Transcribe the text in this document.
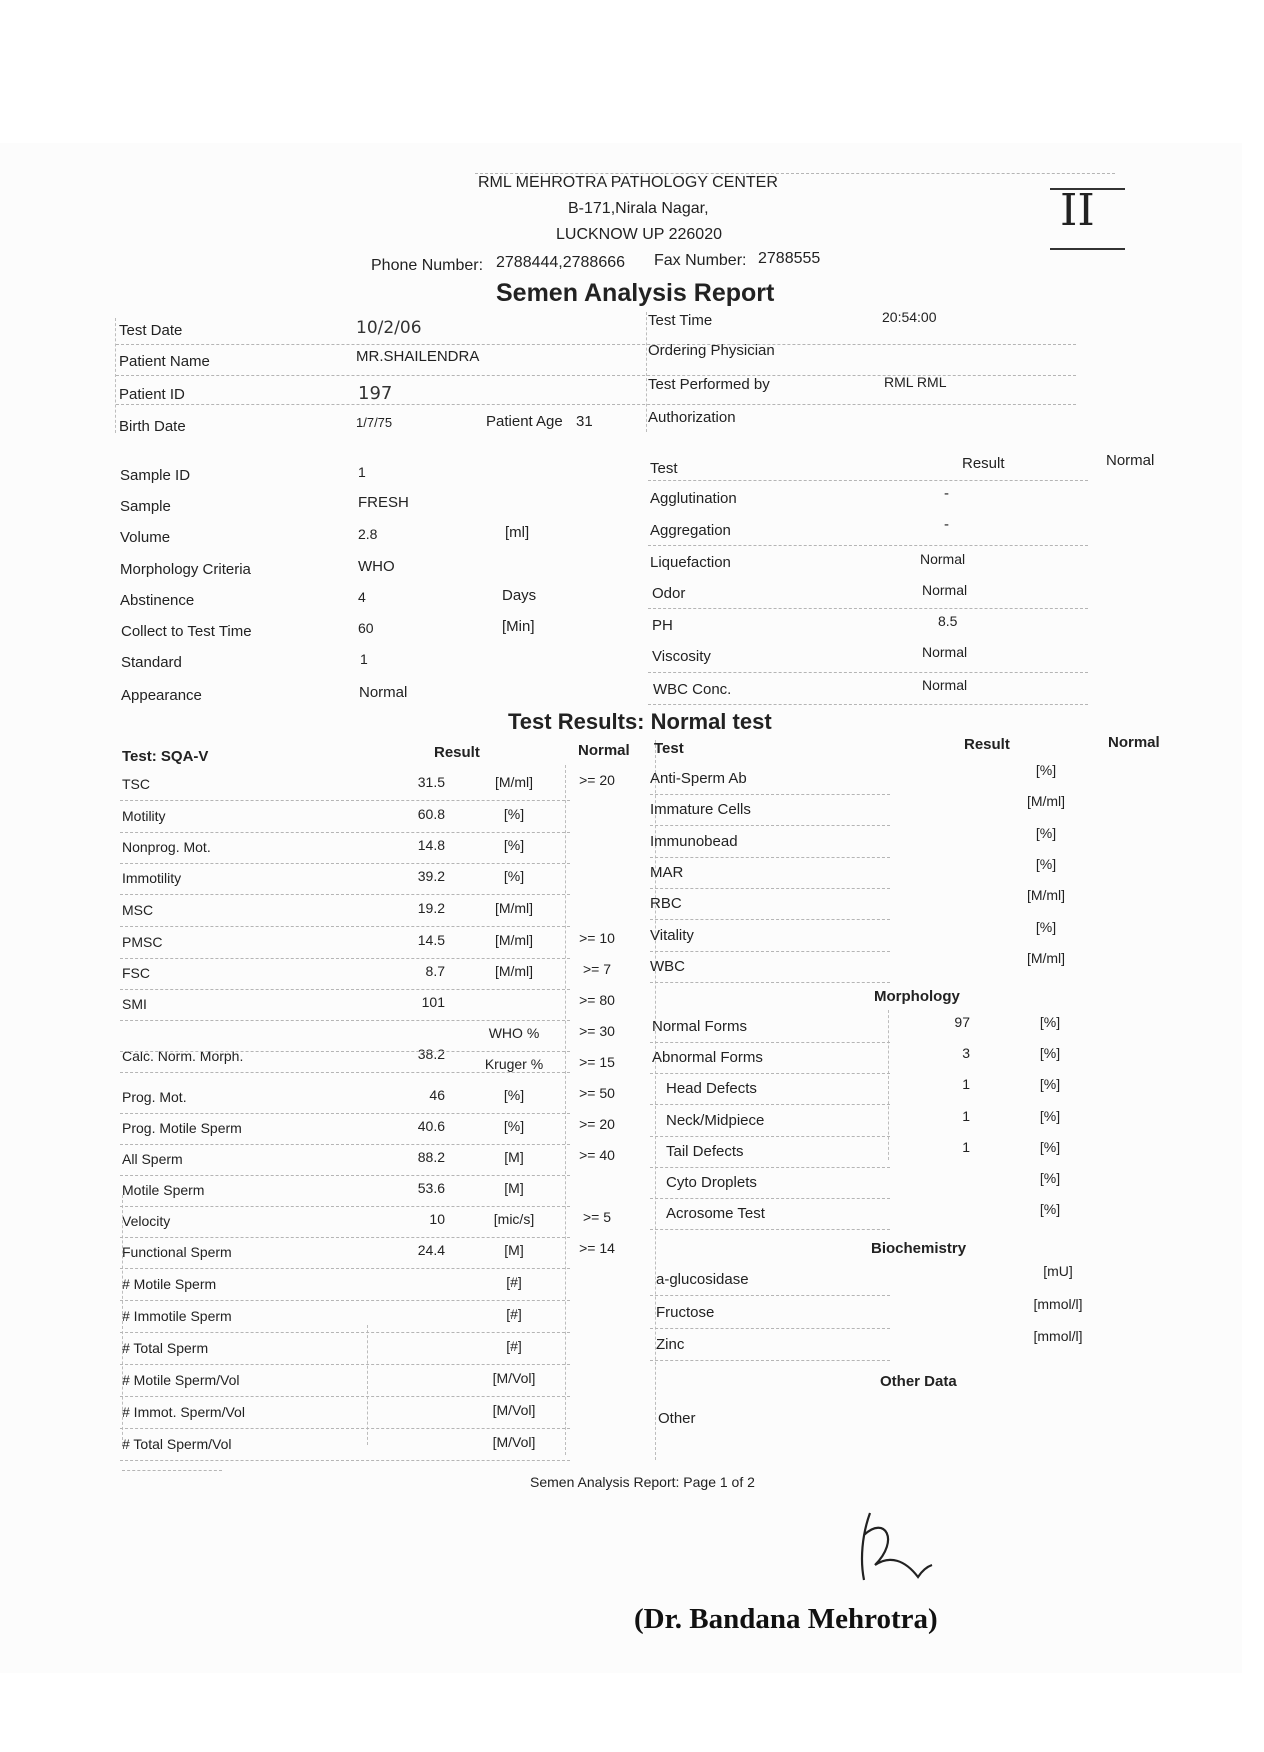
RML MEHROTRA PATHOLOGY CENTER
B-171,Nirala Nagar,
LUCKNOW UP 226020
Phone Number: 2788444,2788666 Fax Number: 2788555
II
Semen Analysis Report
Test Date	10/2/06
Patient Name	MR.SHAILENDRA
Patient ID	197
Birth Date	1/7/75	Patient Age 31
Test Time	20:54:00
Ordering Physician
Test Performed by	RML RML
Authorization
Sample ID	1
Sample	FRESH
Volume	2.8	[ml]
Morphology Criteria	WHO
Abstinence	4	Days
Collect to Test Time	60	[Min]
Standard	1
Appearance	Normal
Test	Result	Normal
Agglutination	-
Aggregation	-
Liquefaction	Normal
Odor	Normal
PH	8.5
Viscosity	Normal
WBC Conc.	Normal
Test Results: Normal test
Test: SQA-V	Result	Normal
TSC	31.5	[M/ml]	>= 20
Motility	60.8	[%]
Nonprog. Mot.	14.8	[%]
Immotility	39.2	[%]
MSC	19.2	[M/ml]
PMSC	14.5	[M/ml]	>= 10
FSC	8.7	[M/ml]	>= 7
SMI	101	>= 80
WHO %	>= 30
Calc. Norm. Morph.	38.2
Kruger %	>= 15
Prog. Mot.	46	[%]	>= 50
Prog. Motile Sperm	40.6	[%]	>= 20
All Sperm	88.2	[M]	>= 40
Motile Sperm	53.6	[M]
Velocity	10	[mic/s]	>= 5
Functional Sperm	24.4	[M]	>= 14
# Motile Sperm	[#]
# Immotile Sperm	[#]
# Total Sperm	[#]
# Motile Sperm/Vol	[M/Vol]
# Immot. Sperm/Vol	[M/Vol]
# Total Sperm/Vol	[M/Vol]
Test	Result	Normal
Anti-Sperm Ab	[%]
Immature Cells	[M/ml]
Immunobead	[%]
MAR	[%]
RBC	[M/ml]
Vitality	[%]
WBC	[M/ml]
Morphology
Normal Forms	97	[%]
Abnormal Forms	3	[%]
Head Defects	1	[%]
Neck/Midpiece	1	[%]
Tail Defects	1	[%]
Cyto Droplets	[%]
Acrosome Test	[%]
Biochemistry
a-glucosidase	[mU]
Fructose	[mmol/l]
Zinc	[mmol/l]
Other Data
Other
Semen Analysis Report: Page 1 of 2
(Dr. Bandana Mehrotra)
